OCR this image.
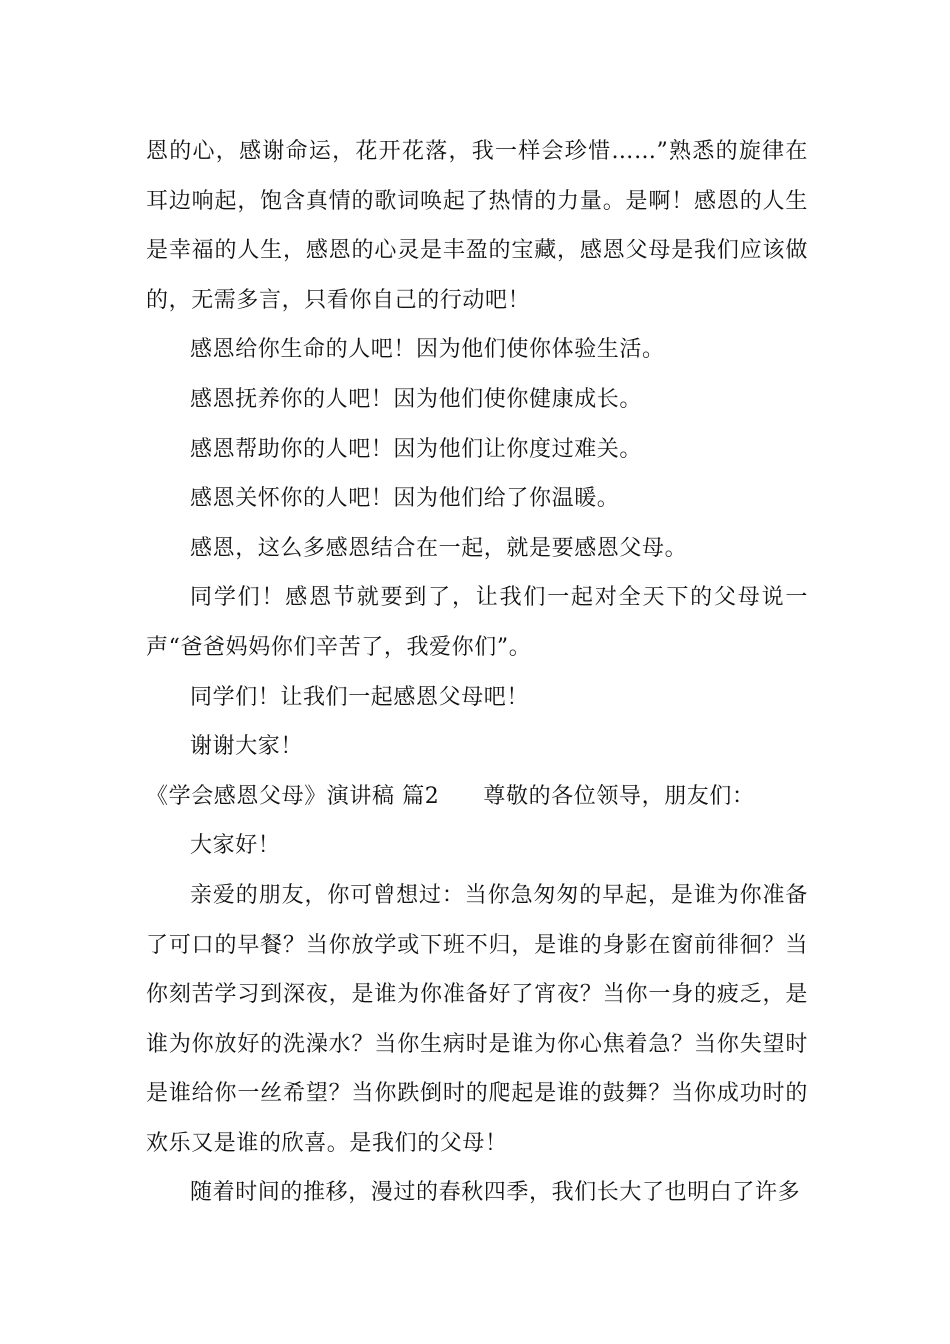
恩的心，感谢命运，花开花落，我一样会珍惜……”熟悉的旋律在耳边响起，饱含真情的歌词唤起了热情的力量。是啊！感恩的人生是幸福的人生，感恩的心灵是丰盈的宝藏，感恩父母是我们应该做的，无需多言，只看你自己的行动吧！

感恩给你生命的人吧！因为他们使你体验生活。

感恩抚养你的人吧！因为他们使你健康成长。

感恩帮助你的人吧！因为他们让你度过难关。

感恩关怀你的人吧！因为他们给了你温暖。

感恩，这么多感恩结合在一起，就是要感恩父母。

同学们！感恩节就要到了，让我们一起对全天下的父母说一声“爸爸妈妈你们辛苦了，我爱你们”。

同学们！让我们一起感恩父母吧！

谢谢大家！

《学会感恩父母》演讲稿 篇2 尊敬的各位领导，朋友们：

大家好！

亲爱的朋友，你可曾想过：当你急匆匆的早起，是谁为你准备了可口的早餐？当你放学或下班不归，是谁的身影在窗前徘徊？当你刻苦学习到深夜，是谁为你准备好了宵夜？当你一身的疲乏，是谁为你放好的洗澡水？当你生病时是谁为你心焦着急？当你失望时是谁给你一丝希望？当你跌倒时的爬起是谁的鼓舞？当你成功时的欢乐又是谁的欣喜。是我们的父母！

随着时间的推移，漫过的春秋四季，我们长大了也明白了许多
